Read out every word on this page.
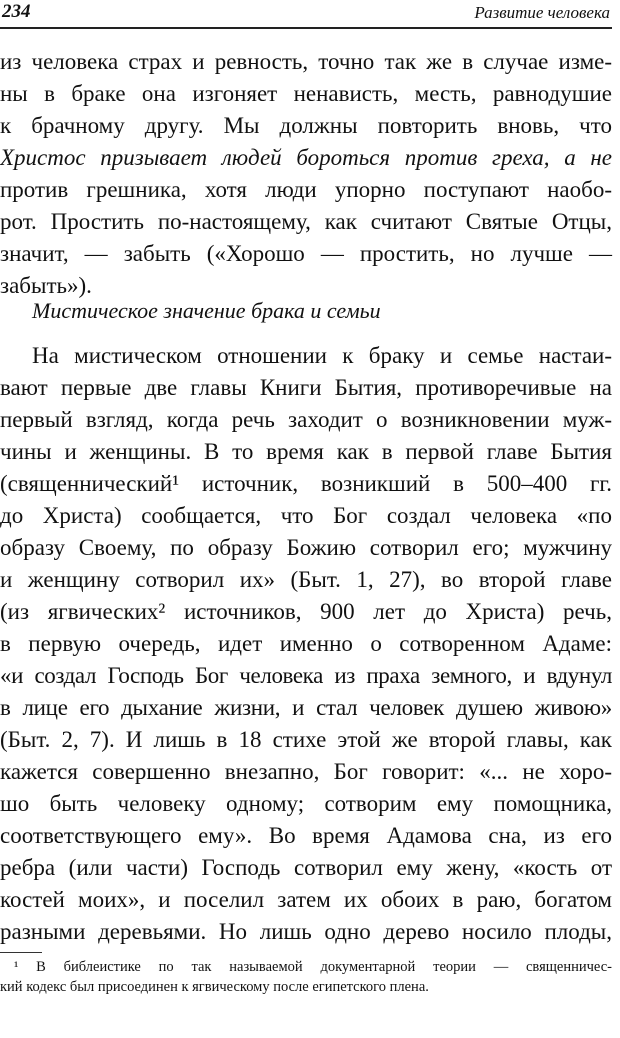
234	Развитие человека
из человека страх и ревность, точно так же в случае изме-
ны в браке она изгоняет ненависть, месть, равнодушие
к брачному другу. Мы должны повторить вновь, что
Христос призывает людей бороться против греха, а не
против грешника, хотя люди упорно поступают наобо-
рот. Простить по-настоящему, как считают Святые Отцы,
значит, — забыть («Хорошо — простить, но лучше —
забыть»).
Мистическое значение брака и семьи
На мистическом отношении к браку и семье настаи-
вают первые две главы Книги Бытия, противоречивые на
первый взгляд, когда речь заходит о возникновении муж-
чины и женщины. В то время как в первой главе Бытия
(священнический¹ источник, возникший в 500–400 гг.
до Христа) сообщается, что Бог создал человека «по
образу Своему, по образу Божию сотворил его; мужчину
и женщину сотворил их» (Быт. 1, 27), во второй главе
(из ягвических² источников, 900 лет до Христа) речь,
в первую очередь, идет именно о сотворенном Адаме:
«и создал Господь Бог человека из праха земного, и вдунул
в лице его дыхание жизни, и стал человек душею живою»
(Быт. 2, 7). И лишь в 18 стихе этой же второй главы, как
кажется совершенно внезапно, Бог говорит: «... не хоро-
шо быть человеку одному; сотворим ему помощника,
соответствующего ему». Во время Адамова сна, из его
ребра (или части) Господь сотворил ему жену, «кость от
костей моих», и поселил затем их обоих в раю, богатом
разными деревьями. Но лишь одно дерево носило плоды,
¹ В библеистике по так называемой документарной теории — священничес-
кий кодекс был присоединен к ягвическому после египетского плена.
